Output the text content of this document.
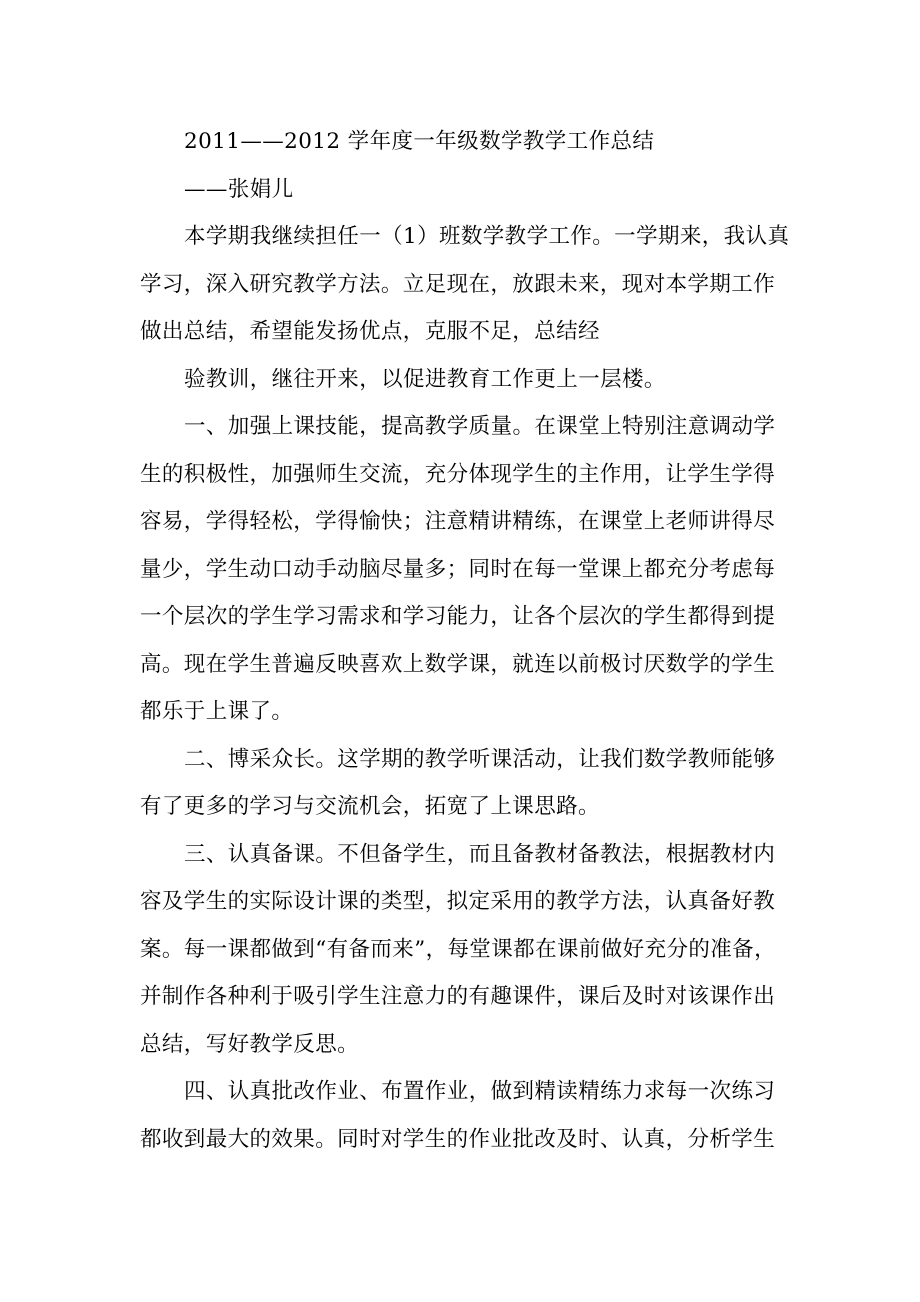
2011——2012 学年度一年级数学教学工作总结

——张娟儿

本学期我继续担任一（1）班数学教学工作。一学期来，我认真

学习，深入研究教学方法。立足现在，放跟未来，现对本学期工作

做出总结，希望能发扬优点，克服不足，总结经

验教训，继往开来，以促进教育工作更上一层楼。

一、加强上课技能，提高教学质量。在课堂上特别注意调动学

生的积极性，加强师生交流，充分体现学生的主作用，让学生学得

容易，学得轻松，学得愉快；注意精讲精练，在课堂上老师讲得尽

量少，学生动口动手动脑尽量多；同时在每一堂课上都充分考虑每

一个层次的学生学习需求和学习能力，让各个层次的学生都得到提

高。现在学生普遍反映喜欢上数学课，就连以前极讨厌数学的学生

都乐于上课了。

二、博采众长。这学期的教学听课活动，让我们数学教师能够

有了更多的学习与交流机会，拓宽了上课思路。

三、认真备课。不但备学生，而且备教材备教法，根据教材内

容及学生的实际设计课的类型，拟定采用的教学方法，认真备好教

案。每一课都做到“有备而来”，每堂课都在课前做好充分的准备，

并制作各种利于吸引学生注意力的有趣课件，课后及时对该课作出

总结，写好教学反思。

四、认真批改作业、布置作业，做到精读精练力求每一次练习

都收到最大的效果。同时对学生的作业批改及时、认真，分析学生
